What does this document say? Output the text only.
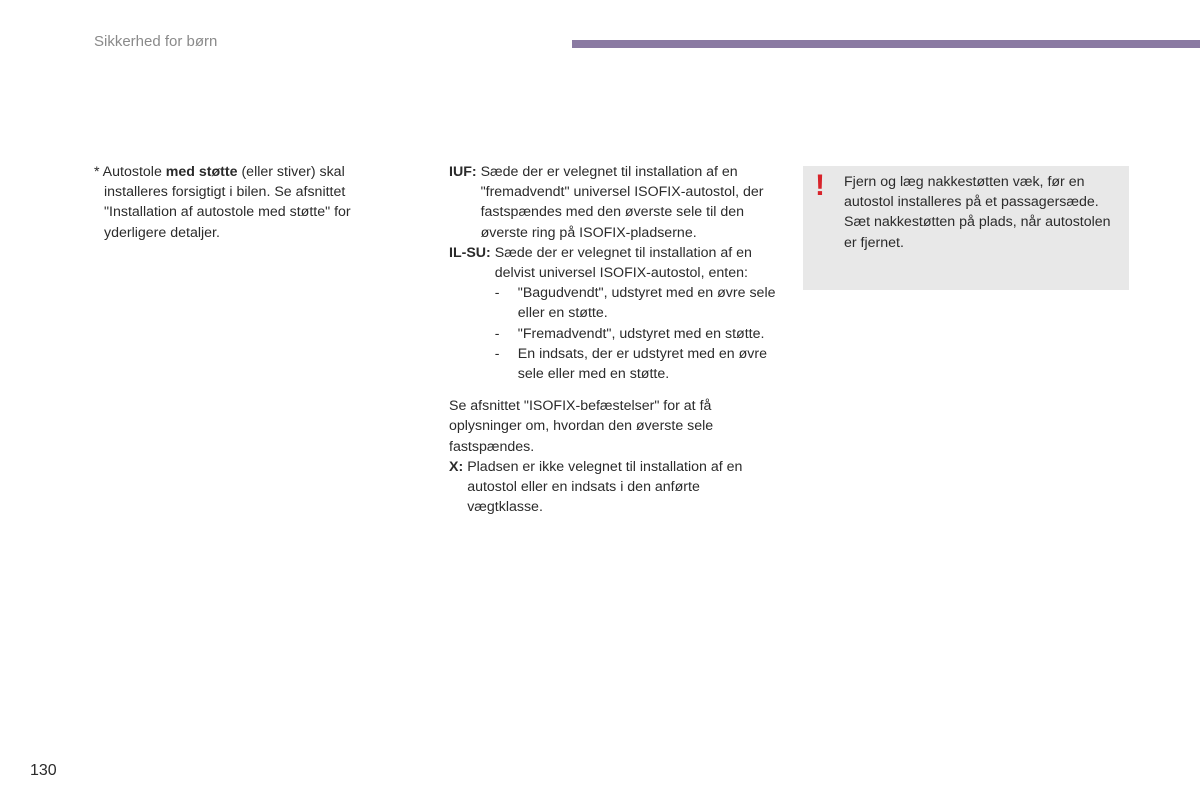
Sikkerhed for børn
* Autostole med støtte (eller stiver) skal installeres forsigtigt i bilen. Se afsnittet "Installation af autostole med støtte" for yderligere detaljer.
IUF: Sæde der er velegnet til installation af en "fremadvendt" universel ISOFIX-autostol, der fastspændes med den øverste sele til den øverste ring på ISOFIX-pladserne.
IL-SU: Sæde der er velegnet til installation af en delvist universel ISOFIX-autostol, enten:
-	"Bagudvendt", udstyret med en øvre sele eller en støtte.
-	"Fremadvendt", udstyret med en støtte.
-	En indsats, der er udstyret med en øvre sele eller med en støtte.
Se afsnittet "ISOFIX-befæstelser" for at få oplysninger om, hvordan den øverste sele fastspændes.
X: Pladsen er ikke velegnet til installation af en autostol eller en indsats i den anførte vægtklasse.
! Fjern og læg nakkestøtten væk, før en autostol installeres på et passagersæde. Sæt nakkestøtten på plads, når autostolen er fjernet.
130
